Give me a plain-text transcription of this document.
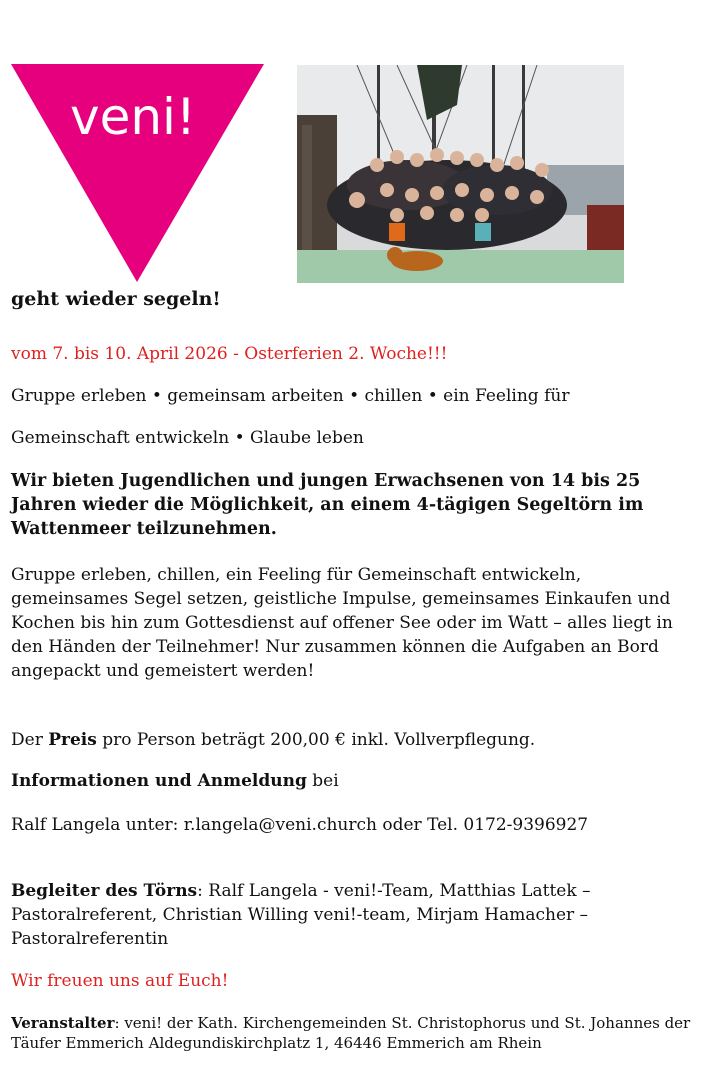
veni!
geht wieder segeln!
vom 7. bis 10. April 2026 - Osterferien 2. Woche!!!
Gruppe erleben • gemeinsam arbeiten • chillen • ein Feeling für
Gemeinschaft entwickeln • Glaube leben
Wir bieten Jugendlichen und jungen Erwachsenen von 14 bis 25 Jahren wieder die Möglichkeit, an einem 4-tägigen Segeltörn im Wattenmeer teilzunehmen.
Gruppe erleben, chillen, ein Feeling für Gemeinschaft entwickeln, gemeinsames Segel setzen, geistliche Impulse, gemeinsames Einkaufen und Kochen bis hin zum Gottesdienst auf offener See oder im Watt – alles liegt in den Händen der Teilnehmer! Nur zusammen können die Aufgaben an Bord angepackt und gemeistert werden!
Der Preis pro Person beträgt 200,00 € inkl. Vollverpflegung.
Informationen und Anmeldung bei
Ralf Langela unter: r.langela@veni.church oder Tel. 0172-9396927
Begleiter des Törns: Ralf Langela - veni!-Team, Matthias Lattek – Pastoralreferent, Christian Willing veni!-team, Mirjam Hamacher – Pastoralreferentin
Wir freuen uns auf Euch!
Veranstalter: veni! der Kath. Kirchengemeinden St. Christophorus und St. Johannes der Täufer Emmerich Aldegundiskirchplatz 1, 46446 Emmerich am Rhein
